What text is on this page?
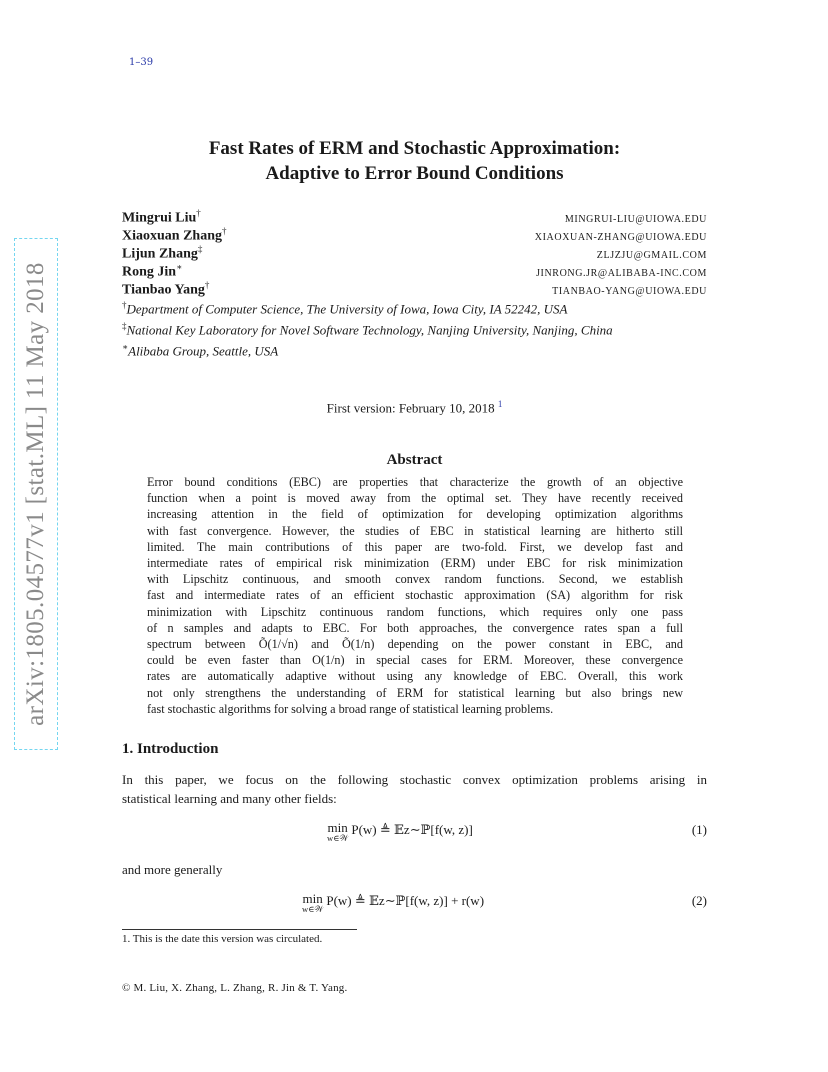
1–39
arXiv:1805.04577v1 [stat.ML] 11 May 2018
Fast Rates of ERM and Stochastic Approximation:
Adaptive to Error Bound Conditions
Mingrui Liu†
MINGRUI-LIU@UIOWA.EDU
Xiaoxuan Zhang†
XIAOXUAN-ZHANG@UIOWA.EDU
Lijun Zhang‡
ZLJZJU@GMAIL.COM
Rong Jin∗
JINRONG.JR@ALIBABA-INC.COM
Tianbao Yang†
TIANBAO-YANG@UIOWA.EDU
†Department of Computer Science, The University of Iowa, Iowa City, IA 52242, USA
‡National Key Laboratory for Novel Software Technology, Nanjing University, Nanjing, China
∗Alibaba Group, Seattle, USA
First version: February 10, 2018 $^1$
Abstract
Error bound conditions (EBC) are properties that characterize the growth of an objective
function when a point is moved away from the optimal set. They have recently received
increasing attention in the field of optimization for developing optimization algorithms
with fast convergence. However, the studies of EBC in statistical learning are hitherto still
limited. The main contributions of this paper are two-fold. First, we develop fast and
intermediate rates of empirical risk minimization (ERM) under EBC for risk minimization
with Lipschitz continuous, and smooth convex random functions. Second, we establish
fast and intermediate rates of an efficient stochastic approximation (SA) algorithm for risk
minimization with Lipschitz continuous random functions, which requires only one pass
of n samples and adapts to EBC. For both approaches, the convergence rates span a full
spectrum between Õ(1/√n) and Õ(1/n) depending on the power constant in EBC, and
could be even faster than O(1/n) in special cases for ERM. Moreover, these convergence
rates are automatically adaptive without using any knowledge of EBC. Overall, this work
not only strengthens the understanding of ERM for statistical learning but also brings new
fast stochastic algorithms for solving a broad range of statistical learning problems.
1. Introduction
In this paper, we focus on the following stochastic convex optimization problems arising in
statistical learning and many other fields:
min
w∈𝒲
$^{P(w) ≜ 𝔼z\sim ℙ[f(w, z)]}$	(1)
and more generally
min
w∈𝒲
$^{P(w) ≜ 𝔼z\sim ℙ[f(w, z)] + r(w)}$	(2)
1. This is the date this version was circulated.
© M. Liu, X. Zhang, L. Zhang, R. Jin & T. Yang.
